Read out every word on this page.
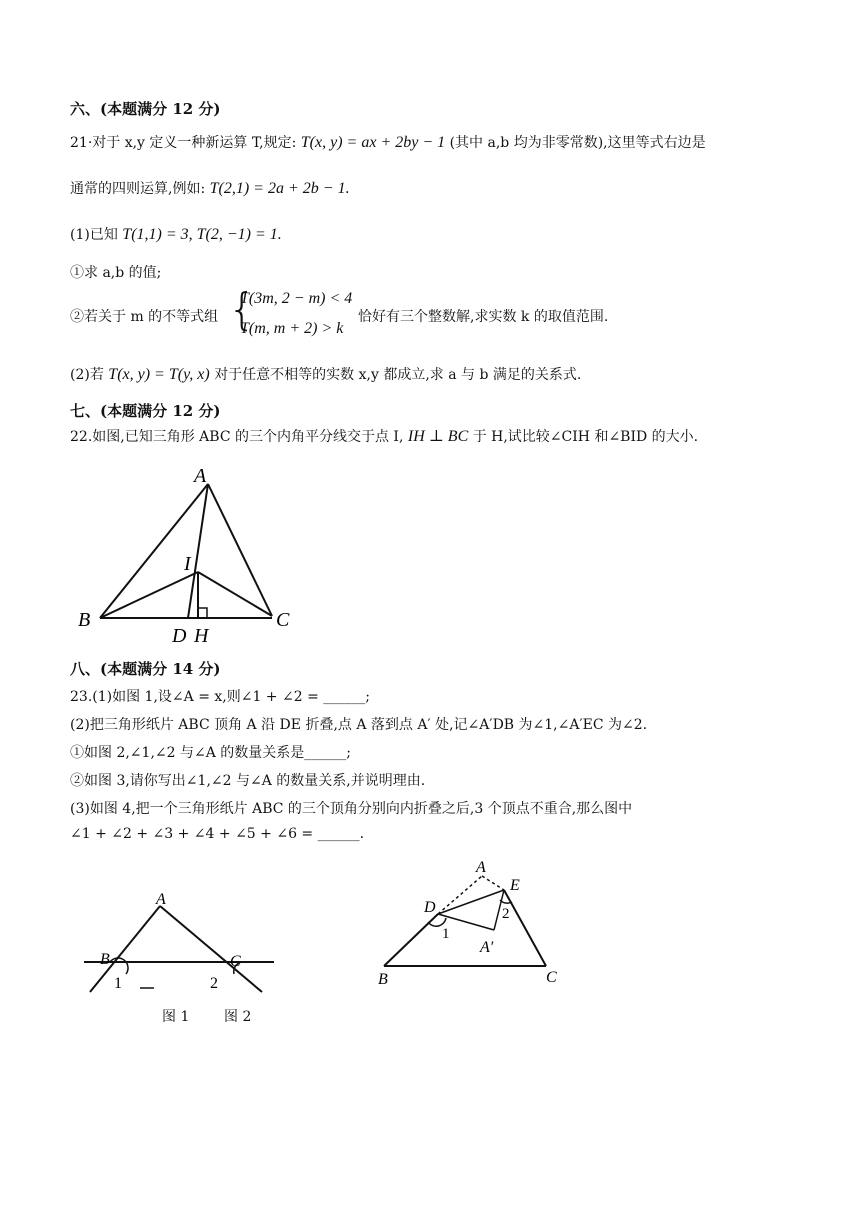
六、(本题满分 12 分)
21·对于 x,y 定义一种新运算 T,规定: T(x, y) = ax + 2by − 1 (其中 a,b 均为非零常数),这里等式右边是
通常的四则运算,例如: T(2,1) = 2a + 2b − 1.
(1)已知 T(1,1) = 3, T(2, −1) = 1.
①求 a,b 的值;
②若关于 m 的不等式组 {
T(3m, 2 − m) < 4
T(m, m + 2) > k
恰好有三个整数解,求实数 k 的取值范围.
(2)若 T(x, y) = T(y, x) 对于任意不相等的实数 x,y 都成立,求 a 与 b 满足的关系式.
七、(本题满分 12 分)
22.如图,已知三角形 ABC 的三个内角平分线交于点 I, IH ⊥ BC 于 H,试比较∠CIH 和∠BID 的大小.
A
B	C
I
D H
八、(本题满分 14 分)
23.(1)如图 1,设∠A = x,则∠1 + ∠2 = ______;
(2)把三角形纸片 ABC 顶角 A 沿 DE 折叠,点 A 落到点 A′ 处,记∠A′DB 为∠1,∠A′EC 为∠2.
①如图 2,∠1,∠2 与∠A 的数量关系是______;
②如图 3,请你写出∠1,∠2 与∠A 的数量关系,并说明理由.
(3)如图 4,把一个三角形纸片 ABC 的三个顶角分别向内折叠之后,3 个顶点不重合,那么图中
∠1 + ∠2 + ∠3 + ∠4 + ∠5 + ∠6 = ______.
A
B	C
1	2
A
D
E
A′
B	C
1
2
图 1 图 2
